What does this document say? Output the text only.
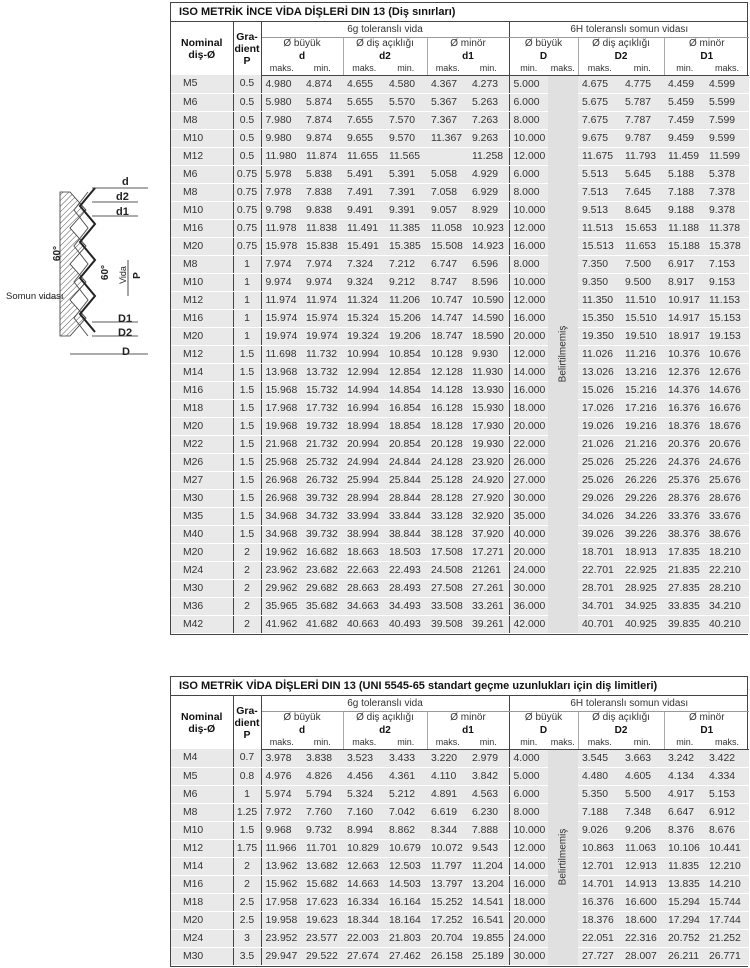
d
d2
d1
60°
60° Vida P
Somun vidası
D1
D2
D
ISO METRİK İNCE VİDA DİŞLERİ DIN 13 (Diş sınırları)
Nominal
diş-Ø	Gra-
dient
P	6g toleranslı vida						6H toleranslı somun vidası					
		Ø büyük		Ø diş açıklığı		Ø minör		Ø büyük		Ø diş açıklığı		Ø minör	
		d		d2		d1		D		D2		D1	
		maks.	min.	maks.	min.	maks.	min.	min.	maks.	maks.	min.	min.	maks.
M5	0.5	4.980	4.874	4.655	4.580	4.367	4.273	5.000	Belirtilmemiş	4.675	4.775	4.459	4.599
M6	0.5	5.980	5.874	5.655	5.570	5.367	5.263	6.000		5.675	5.787	5.459	5.599
M8	0.5	7.980	7.874	7.655	7.570	7.367	7.263	8.000		7.675	7.787	7.459	7.599
M10	0.5	9.980	9.874	9.655	9.570	11.367	9.263	10.000		9.675	9.787	9.459	9.599
M12	0.5	11.980	11.874	11.655	11.565		11.258	12.000		11.675	11.793	11.459	11.599
M6	0.75	5.978	5.838	5.491	5.391	5.058	4.929	6.000		5.513	5.645	5.188	5.378
M8	0.75	7.978	7.838	7.491	7.391	7.058	6.929	8.000		7.513	7.645	7.188	7.378
M10	0.75	9.798	9.838	9.491	9.391	9.057	8.929	10.000		9.513	8.645	9.188	9.378
M16	0.75	11.978	11.838	11.491	11.385	11.058	10.923	12.000		11.513	15.653	11.188	11.378
M20	0.75	15.978	15.838	15.491	15.385	15.508	14.923	16.000		15.513	11.653	15.188	15.378
M8	1	7.974	7.974	7.324	7.212	6.747	6.596	8.000		7.350	7.500	6.917	7.153
M10	1	9.974	9.974	9.324	9.212	8.747	8.596	10.000		9.350	9.500	8.917	9.153
M12	1	11.974	11.974	11.324	11.206	10.747	10.590	12.000		11.350	11.510	10.917	11.153
M16	1	15.974	15.974	15.324	15.206	14.747	14.590	16.000		15.350	15.510	14.917	15.153
M20	1	19.974	19.974	19.324	19.206	18.747	18.590	20.000		19.350	19.510	18.917	19.153
M12	1.5	11.698	11.732	10.994	10.854	10.128	9.930	12.000		11.026	11.216	10.376	10.676
M14	1.5	13.968	13.732	12.994	12.854	12.128	11.930	14.000		13.026	13.216	12.376	12.676
M16	1.5	15.968	15.732	14.994	14.854	14.128	13.930	16.000		15.026	15.216	14.376	14.676
M18	1.5	17.968	17.732	16.994	16.854	16.128	15.930	18.000		17.026	17.216	16.376	16.676
M20	1.5	19.968	19.732	18.994	18.854	18.128	17.930	20.000		19.026	19.216	18.376	18.676
M22	1.5	21.968	21.732	20.994	20.854	20.128	19.930	22.000		21.026	21.216	20.376	20.676
M26	1.5	25.968	25.732	24.994	24.844	24.128	23.920	26.000		25.026	25.226	24.376	24.676
M27	1.5	26.968	26.732	25.994	25.844	25.128	24.920	27.000		25.026	26.226	25.376	25.676
M30	1.5	26.968	39.732	28.994	28.844	28.128	27.920	30.000		29.026	29.226	28.376	28.676
M35	1.5	34.968	34.732	33.994	33.844	33.128	32.920	35.000		34.026	34.226	33.376	33.676
M40	1.5	34.968	39.732	38.994	38.844	38.128	37.920	40.000		39.026	39.226	38.376	38.676
M20	2	19.962	16.682	18.663	18.503	17.508	17.271	20.000		18.701	18.913	17.835	18.210
M24	2	23.962	23.682	22.663	22.493	24.508	21261	24.000		22.701	22.925	21.835	22.210
M30	2	29.962	29.682	28.663	28.493	27.508	27.261	30.000		28.701	28.925	27.835	28.210
M36	2	35.965	35.682	34.663	34.493	33.508	33.261	36.000		34.701	34.925	33.835	34.210
M42	2	41.962	41.682	40.663	40.493	39.508	39.261	42.000		40.701	40.925	39.835	40.210
ISO METRİK VİDA DİŞLERİ DIN 13 (UNI 5545-65 standart geçme uzunlukları için diş limitleri)
Nominal
diş-Ø	Gra-
dient
P	6g toleranslı vida						6H toleranslı somun vidası					
		Ø büyük		Ø diş açıklığı		Ø minör		Ø büyük		Ø diş açıklığı		Ø minör	
		d		d2		d1		D		D2		D1	
		maks.	min.	maks.	min.	maks.	min.	min.	maks.	maks.	min.	min.	maks.
M4	0.7	3.978	3.838	3.523	3.433	3.220	2.979	4.000	Belirtilmemiş	3.545	3.663	3.242	3.422
M5	0.8	4.976	4.826	4.456	4.361	4.110	3.842	5.000		4.480	4.605	4.134	4.334
M6	1	5.974	5.794	5.324	5.212	4.891	4.563	6.000		5.350	5.500	4.917	5.153
M8	1.25	7.972	7.760	7.160	7.042	6.619	6.230	8.000		7.188	7.348	6.647	6.912
M10	1.5	9.968	9.732	8.994	8.862	8.344	7.888	10.000		9.026	9.206	8.376	8.676
M12	1.75	11.966	11.701	10.829	10.679	10.072	9.543	12.000		10.863	11.063	10.106	10.441
M14	2	13.962	13.682	12.663	12.503	11.797	11.204	14.000		12.701	12.913	11.835	12.210
M16	2	15.962	15.682	14.663	14.503	13.797	13.204	16.000		14.701	14.913	13.835	14.210
M18	2.5	17.958	17.623	16.334	16.164	15.252	14.541	18.000		16.376	16.600	15.294	15.744
M20	2.5	19.958	19.623	18.344	18.164	17.252	16.541	20.000		18.376	18.600	17.294	17.744
M24	3	23.952	23.577	22.003	21.803	20.704	19.855	24.000		22.051	22.316	20.752	21.252
M30	3.5	29.947	29.522	27.674	27.462	26.158	25.189	30.000		27.727	28.007	26.211	26.771
